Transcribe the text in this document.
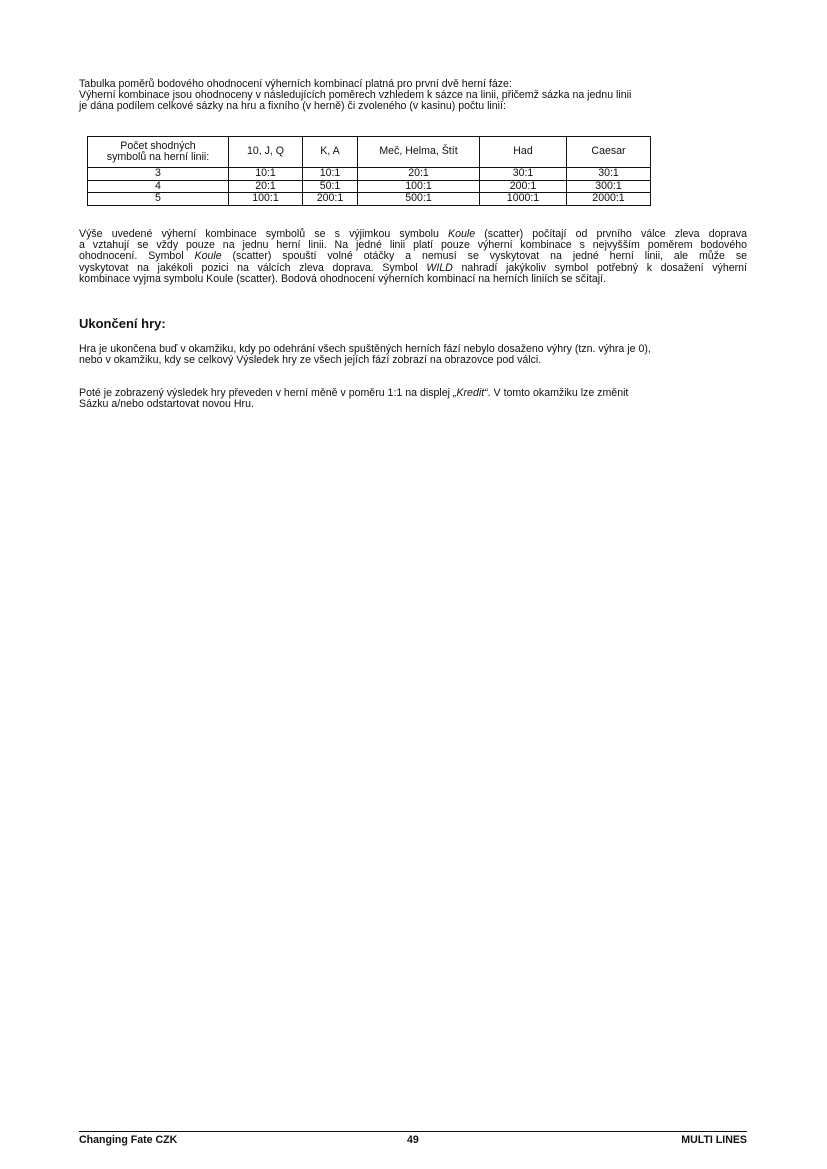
Tabulka poměrů bodového ohodnocení výherních kombinací platná pro první dvě herní fáze:
Výherní kombinace jsou ohodnoceny v následujících poměrech vzhledem k sázce na linii, přičemž sázka na jednu linii
je dána podílem celkové sázky na hru a fixního (v herně) či zvoleného (v kasinu) počtu linií:
Počet shodných
symbolů na herní linii:	10, J, Q	K, A	Meč, Helma, Štít	Had	Caesar
3	10:1	10:1	20:1	30:1	30:1
4	20:1	50:1	100:1	200:1	300:1
5	100:1	200:1	500:1	1000:1	2000:1
Výše uvedené výherní kombinace symbolů se s výjimkou symbolu Koule (scatter) počítají od prvního válce zleva doprava
a vztahují se vždy pouze na jednu herní linii. Na jedné linii platí pouze výherní kombinace s nejvyšším poměrem bodového
ohodnocení. Symbol Koule (scatter) spouští volné otáčky a nemusí se vyskytovat na jedné herní linii, ale může se
vyskytovat na jakékoli pozici na válcích zleva doprava. Symbol WILD nahradí jakýkoliv symbol potřebný k dosažení výherní
kombinace vyjma symbolu Koule (scatter). Bodová ohodnocení výherních kombinací na herních liniích se sčítají.
Ukončení hry:
Hra je ukončena buď v okamžiku, kdy po odehrání všech spuštěných herních fází nebylo dosaženo výhry (tzn. výhra je 0),
nebo v okamžiku, kdy se celkový Výsledek hry ze všech jejích fází zobrazí na obrazovce pod válci.
Poté je zobrazený výsledek hry převeden v herní měně v poměru 1:1 na displej „Kredit“. V tomto okamžiku lze změnit
Sázku a/nebo odstartovat novou Hru.
Changing Fate CZK	49	MULTI LINES
